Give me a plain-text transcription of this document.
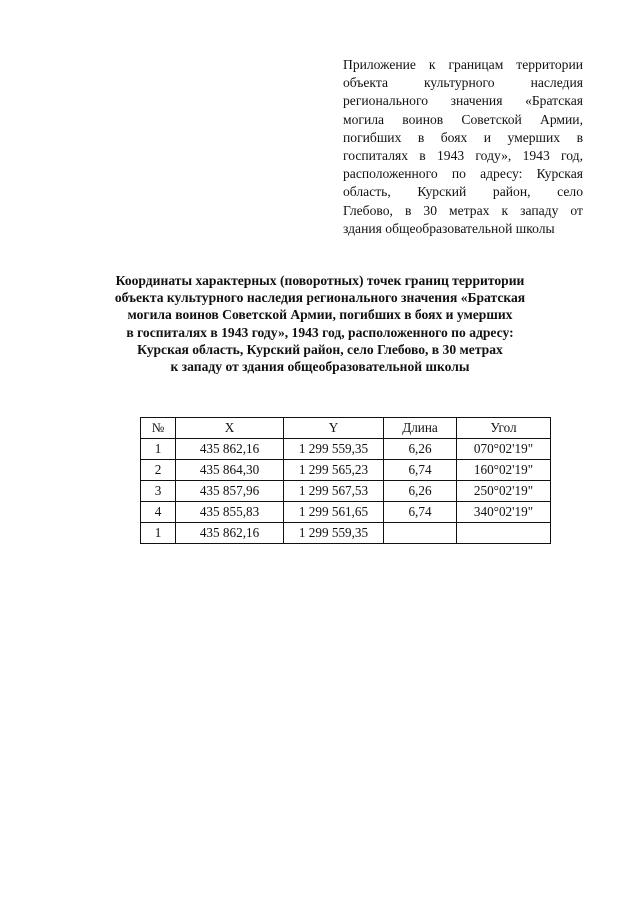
Приложение к границам территории
объекта культурного наследия
регионального значения «Братская
могила воинов Советской Армии,
погибших в боях и умерших в
госпиталях в 1943 году», 1943 год,
расположенного по адресу: Курская
область, Курский район, село
Глебово, в 30 метрах к западу от
здания общеобразовательной школы
Координаты характерных (поворотных) точек границ территории
объекта культурного наследия регионального значения «Братская
могила воинов Советской Армии, погибших в боях и умерших
в госпиталях в 1943 году», 1943 год, расположенного по адресу:
Курская область, Курский район, село Глебово, в 30 метрах
к западу от здания общеобразовательной школы
№	X	Y	Длина	Угол
1	435 862,16	1 299 559,35	6,26	070°02'19"
2	435 864,30	1 299 565,23	6,74	160°02'19"
3	435 857,96	1 299 567,53	6,26	250°02'19"
4	435 855,83	1 299 561,65	6,74	340°02'19"
1	435 862,16	1 299 559,35		
